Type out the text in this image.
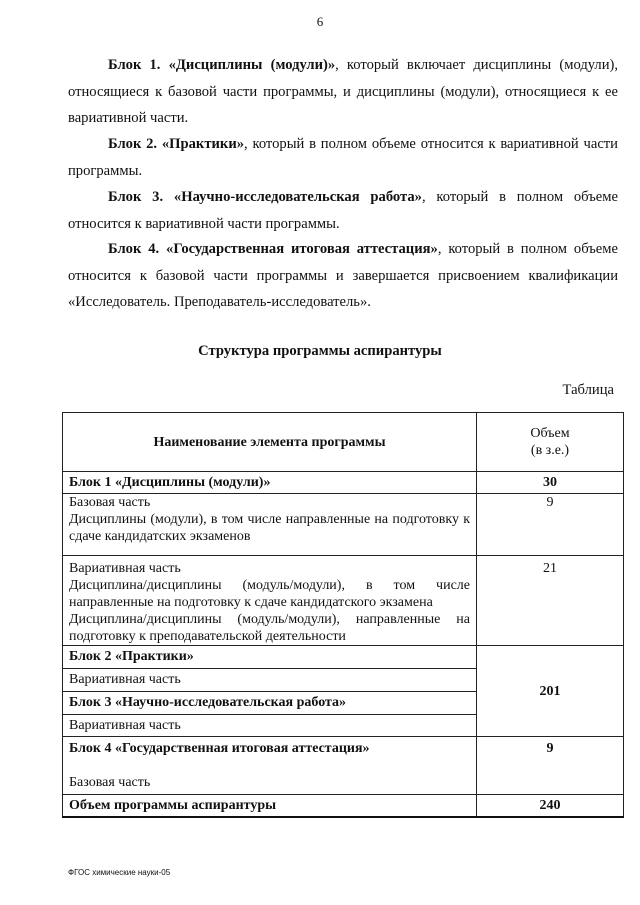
6

Блок 1. «Дисциплины (модули)», который включает дисциплины (модули), относящиеся к базовой части программы, и дисциплины (модули), относящиеся к ее вариативной части.

Блок 2. «Практики», который в полном объеме относится к вариативной части программы.

Блок 3. «Научно-исследовательская работа», который в полном объеме относится к вариативной части программы.

Блок 4. «Государственная итоговая аттестация», который в полном объеме относится к базовой части программы и завершается присвоением квалификации «Исследователь. Преподаватель-исследователь».

Структура программы аспирантуры
Таблица
Наименование элемента программы	Объем
(в з.е.)

Блок 1 «Дисциплины (модули)»	30

Базовая часть
Дисциплины (модули), в том числе направленные на подготовку к сдаче кандидатских экзаменов	9

Вариативная часть
Дисциплина/дисциплины (модуль/модули), в том числе направленные на подготовку к сдаче кандидатского экзамена
Дисциплина/дисциплины (модуль/модули), направленные на подготовку к преподавательской деятельности	21
Блок 2 «Практики»	201
Вариативная часть	
Блок 3 «Научно-исследовательская работа»	
Вариативная часть	
Блок 4 «Государственная итоговая аттестация»	9
Базовая часть	
Объем программы аспирантуры	240
ФГОС химические науки-05
